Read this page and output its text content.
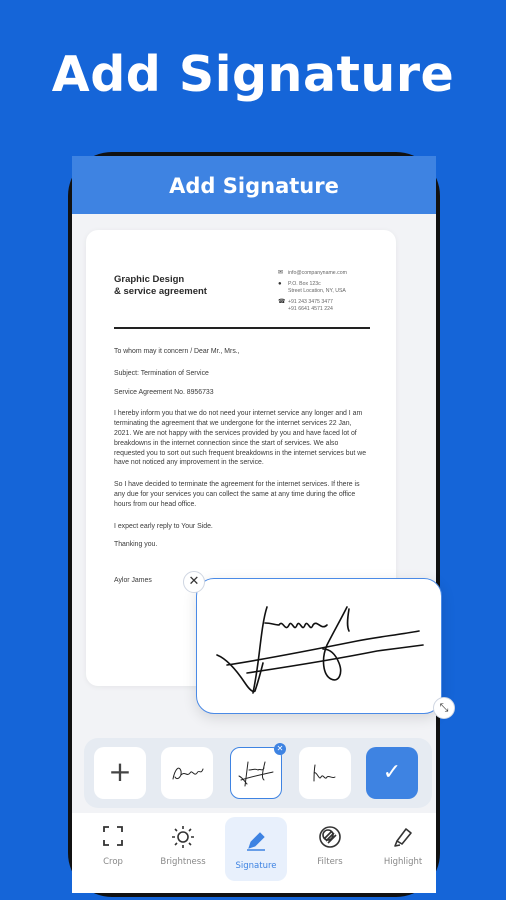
Add Signature
Add Signature
Graphic Design
& service agreement
✉ info@companyname.com
●	P.O. Box 123c
Street Location, NY, USA
☎ +91 243 3475 3477
+91 6641 4571 224

To whom may it concern / Dear Mr., Mrs.,

Subject: Termination of Service

Service Agreement No. 8956733

I hereby inform you that we do not need your internet service any longer and I am terminating the agreement that we undergone for the internet services 22 Jan, 2021. We are not happy with the services provided by you and have faced lot of breakdowns in the internet connection since the start of services. We also requested you to sort out such frequent breakdowns in the internet services but we have not noticed any improvement in the service.

So I have decided to terminate the agreement for the internet services. If there is any due for your services you can collect the same at any time during the office hours from our head office.

I expect early reply to Your Side.

Thanking you.

Aylor James	✕
⤡
+
✕
✓
Crop	Brightness	Signature	Filters	Highlight
